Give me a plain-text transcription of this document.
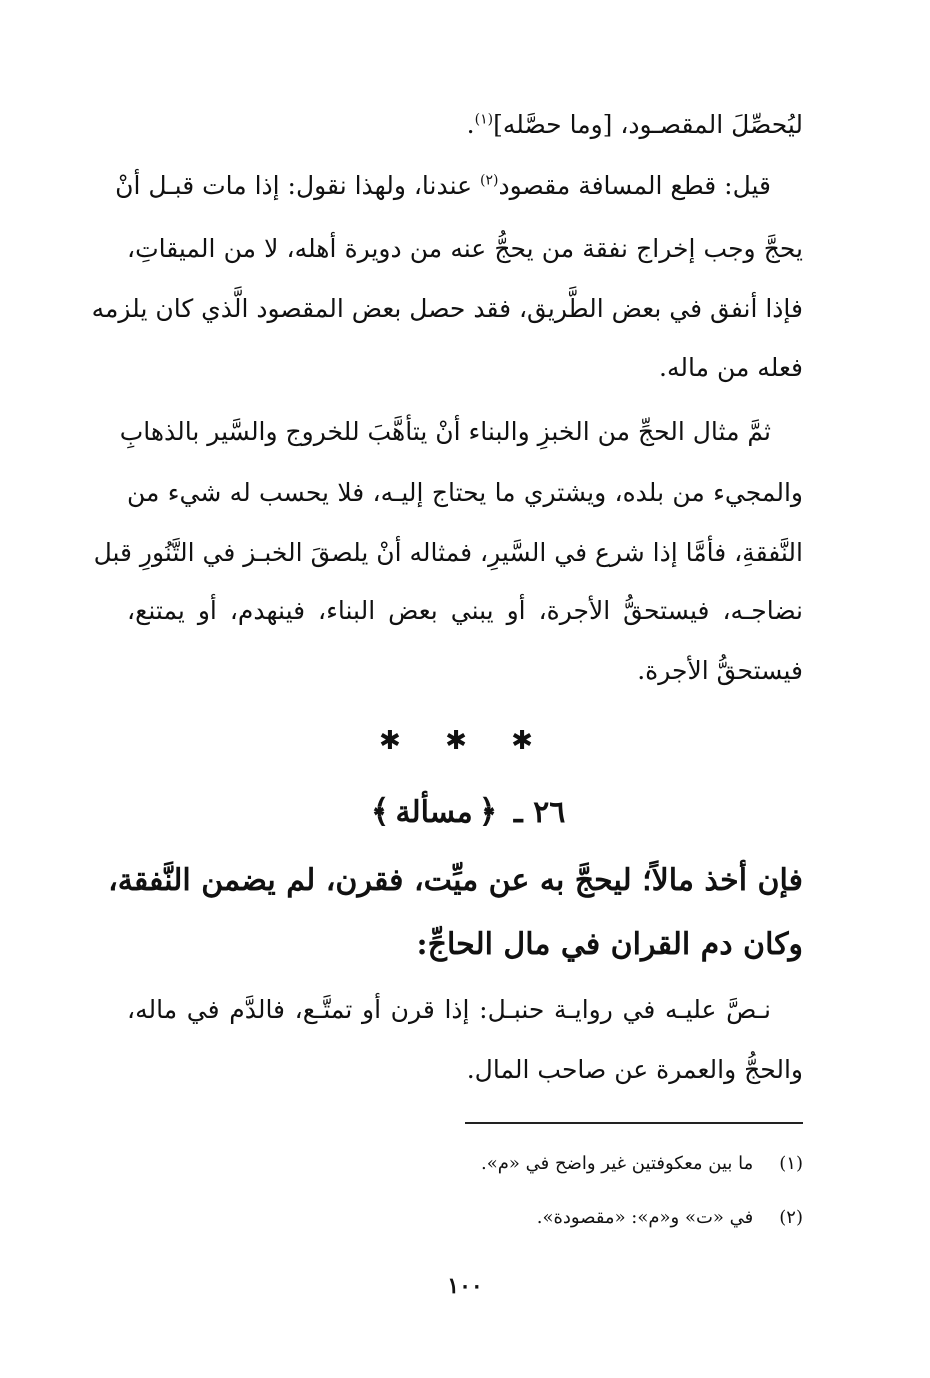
ليُحصِّلَ المقصـود، [وما حصَّله]$^{(١)}$.
قيل: قطع المسافة مقصود$^{(٢)}$ عندنا، ولهذا نقول: إذا مات قبـل أنْ
يحجَّ وجب إخراج نفقة من يحجُّ عنه من دويرة أهله، لا من الميقاتِ،
فإذا أنفق في بعض الطَّريق، فقد حصل بعض المقصود الَّذي كان يلزمه
فعله من ماله.
ثمَّ مثال الحجِّ من الخبزِ والبناء أنْ يتأهَّبَ للخروج والسَّير بالذهابِ
والمجيء من بلده، ويشتري ما يحتاج إليـه، فلا يحسب له شيء من
النَّفقةِ، فأمَّا إذا شرع في السَّيرِ، فمثاله أنْ يلصقَ الخبـز في التَّنُورِ قبل
نضاجـه، فيستحقُّ الأجرة، أو يبني بعض البناء، فينهدم، أو يمتنع،
فيستحقُّ الأجرة.
✱ ✱ ✱
٢٦ ـ ﴿مسألة﴾
فإن أخذ مالاً؛ ليحجَّ به عن ميِّت، فقرن، لم يضمن النَّفقة،
وكان دم القران في مال الحاجِّ:
نـصَّ عليـه في روايـة حنبـل: إذا قرن أو تمتَّـع، فالدَّم في ماله،
والحجُّ والعمرة عن صاحب المال.
(١) ما بين معكوفتين غير واضح في «م».
(٢) في «ت» و«م»: «مقصودة».
١٠٠
